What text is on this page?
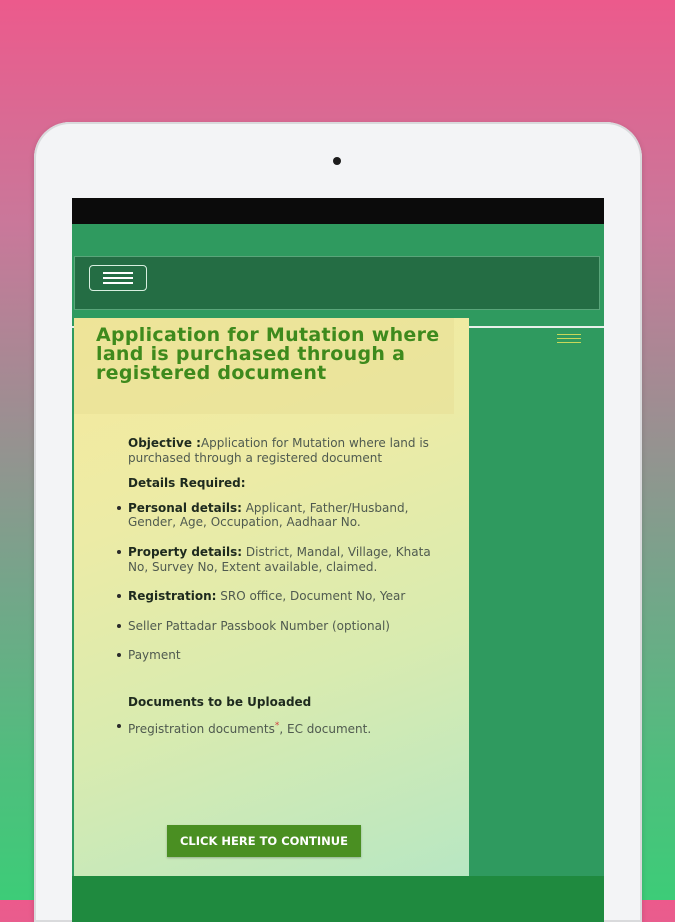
Application for Mutation where land is purchased through a registered document

Objective :Application for Mutation where land is purchased through a registered document

Details Required:

Personal details: Applicant, Father/Husband, Gender, Age, Occupation, Aadhaar No.
Property details: District, Mandal, Village, Khata No, Survey No, Extent available, claimed.
Registration: SRO office, Document No, Year
Seller Pattadar Passbook Number (optional)
Payment

Documents to be Uploaded

Pregistration documents*, EC document.

CLICK HERE TO CONTINUE
